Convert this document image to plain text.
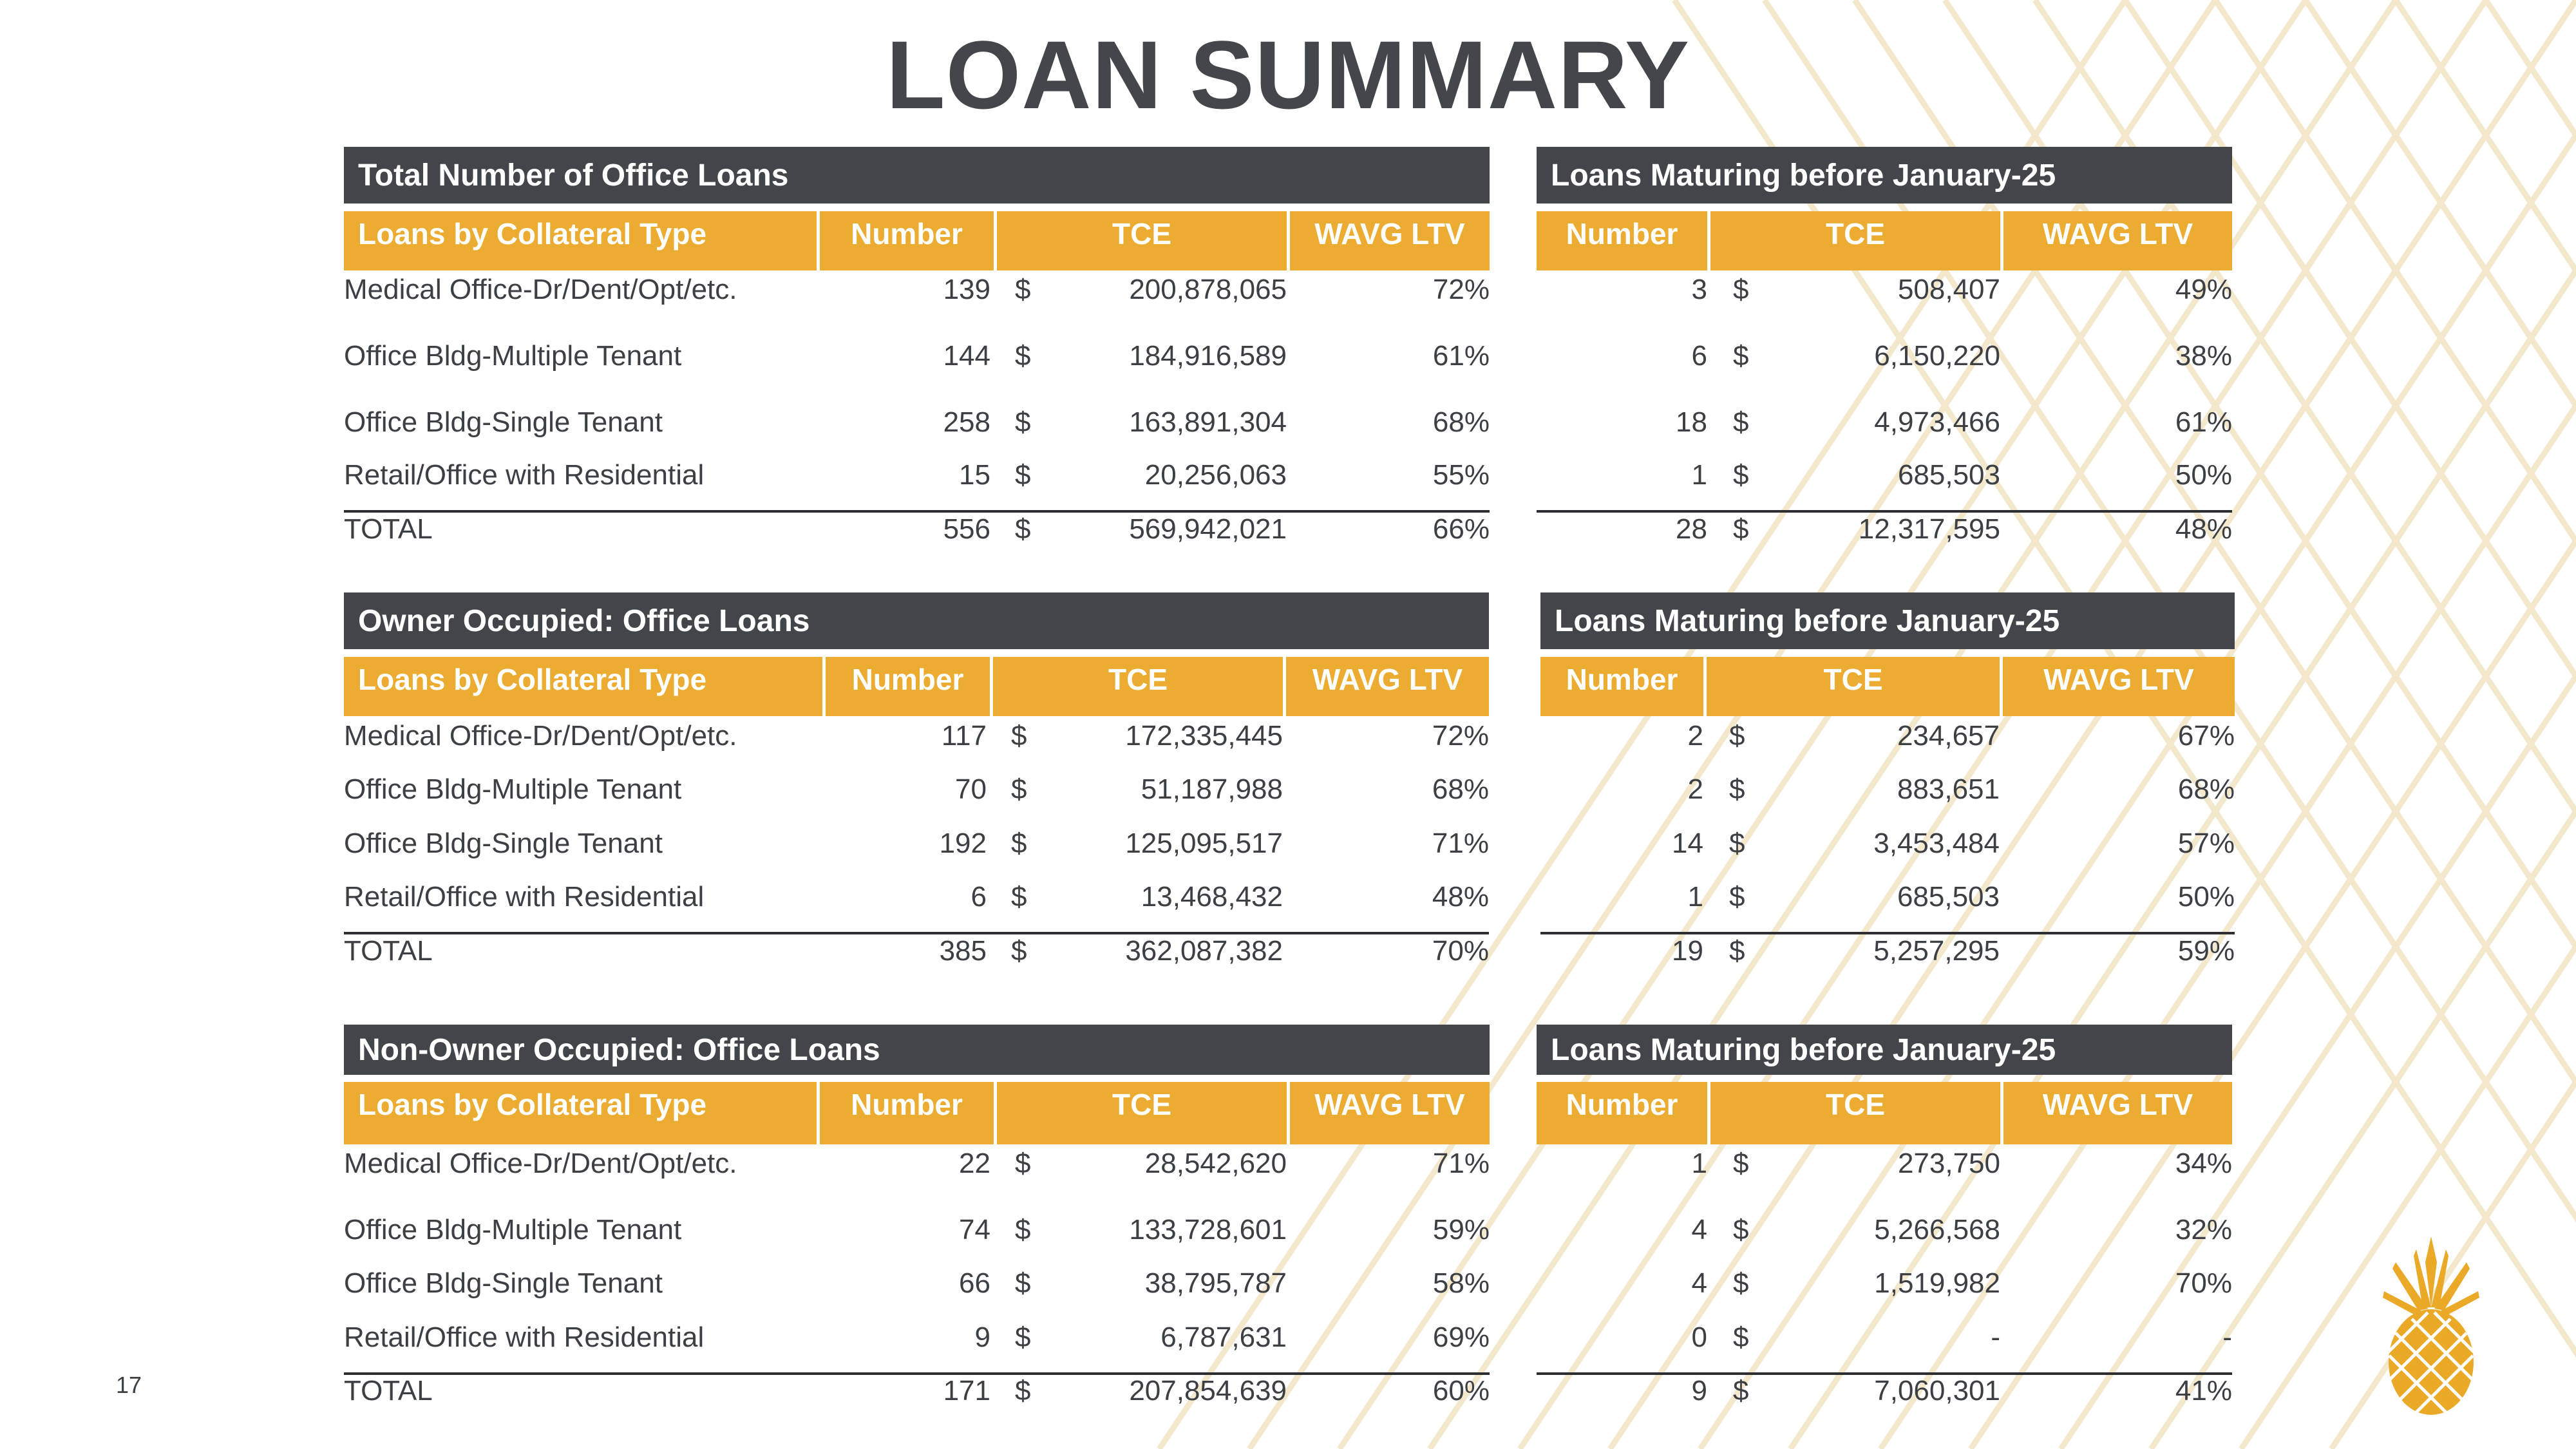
LOAN SUMMARY
Total Number of Office Loans	Loans Maturing before January-25
Loans by Collateral Type	Number	TCE	WAVG LTV	Number	TCE	WAVG LTV
Medical Office-Dr/Dent/Opt/etc.	139 $	200,878,065	72%	3 $	508,407	49%
Office Bldg-Multiple Tenant	144 $	184,916,589	61%	6 $	6,150,220	38%
Office Bldg-Single Tenant	258 $	163,891,304	68%	18 $	4,973,466	61%
Retail/Office with Residential	15 $	20,256,063	55%	1 $	685,503	50%
TOTAL	556 $	569,942,021	66%	28 $	12,317,595	48%
Owner Occupied: Office Loans	Loans Maturing before January-25
Loans by Collateral Type	Number	TCE	WAVG LTV	Number	TCE	WAVG LTV
Medical Office-Dr/Dent/Opt/etc.	117 $	172,335,445	72%	2 $	234,657	67%
Office Bldg-Multiple Tenant	70 $	51,187,988	68%	2 $	883,651	68%
Office Bldg-Single Tenant	192 $	125,095,517	71%	14 $	3,453,484	57%
Retail/Office with Residential	6 $	13,468,432	48%	1 $	685,503	50%
TOTAL	385 $	362,087,382	70%	19 $	5,257,295	59%
Non-Owner Occupied: Office Loans	Loans Maturing before January-25
Loans by Collateral Type	Number	TCE	WAVG LTV	Number	TCE	WAVG LTV
Medical Office-Dr/Dent/Opt/etc.	22 $	28,542,620	71%	1 $	273,750	34%
Office Bldg-Multiple Tenant	74 $	133,728,601	59%	4 $	5,266,568	32%
Office Bldg-Single Tenant	66 $	38,795,787	58%	4 $	1,519,982	70%
Retail/Office with Residential	9 $	6,787,631	69%	0 $	-	-
TOTAL	171 $	207,854,639	60%	9 $	7,060,301	41%
17
